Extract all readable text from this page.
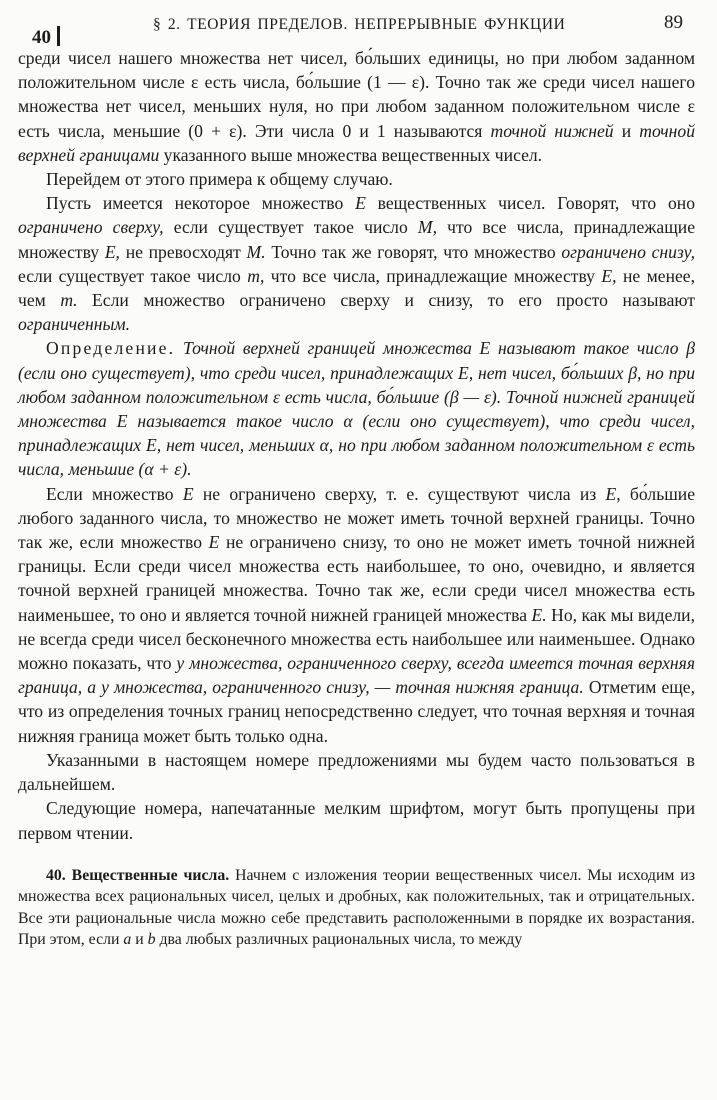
40
§ 2. ТЕОРИЯ ПРЕДЕЛОВ. НЕПРЕРЫВНЫЕ ФУНКЦИИ	89

среди чисел нашего множества нет чисел, бо́льших единицы, но при любом заданном положительном числе ε есть числа, бо́льшие (1 — ε). Точно так же среди чисел нашего множества нет чисел, меньших нуля, но при любом заданном положительном числе ε есть числа, меньшие (0 + ε). Эти числа 0 и 1 называются точной нижней и точной верхней границами указанного выше множества вещественных чисел.

Перейдем от этого примера к общему случаю.

Пусть имеется некоторое множество E вещественных чисел. Говорят, что оно ограничено сверху, если существует такое число M, что все числа, принадлежащие множеству E, не превосходят M. Точно так же говорят, что множество ограничено снизу, если существует такое число m, что все числа, принадлежащие множеству E, не менее, чем m. Если множество ограничено сверху и снизу, то его просто называют ограниченным.

Определение. Точной верхней границей множества E называют такое число β (если оно существует), что среди чисел, принадлежащих E, нет чисел, бо́льших β, но при любом заданном положительном ε есть числа, бо́льшие (β — ε). Точной нижней границей множества E называется такое число α (если оно существует), что среди чисел, принадлежащих E, нет чисел, меньших α, но при любом заданном положительном ε есть числа, меньшие (α + ε).

Если множество E не ограничено сверху, т. е. существуют числа из E, бо́льшие любого заданного числа, то множество не может иметь точной верхней границы. Точно так же, если множество E не ограничено снизу, то оно не может иметь точной нижней границы. Если среди чисел множества есть наибольшее, то оно, очевидно, и является точной верхней границей множества. Точно так же, если среди чисел множества есть наименьшее, то оно и является точной нижней границей множества E. Но, как мы видели, не всегда среди чисел бесконечного множества есть наибольшее или наименьшее. Однако можно показать, что у множества, ограниченного сверху, всегда имеется точная верхняя граница, а у множества, ограниченного снизу, — точная нижняя граница. Отметим еще, что из определения точных границ непосредственно следует, что точная верхняя и точная нижняя граница может быть только одна.

Указанными в настоящем номере предложениями мы будем часто пользоваться в дальнейшем.

Следующие номера, напечатанные мелким шрифтом, могут быть пропущены при первом чтении.

40. Вещественные числа. Начнем с изложения теории вещественных чисел. Мы исходим из множества всех рациональных чисел, целых и дробных, как положительных, так и отрицательных. Все эти рациональные числа можно себе представить расположенными в порядке их возрастания. При этом, если a и b два любых различных рациональных числа, то между
